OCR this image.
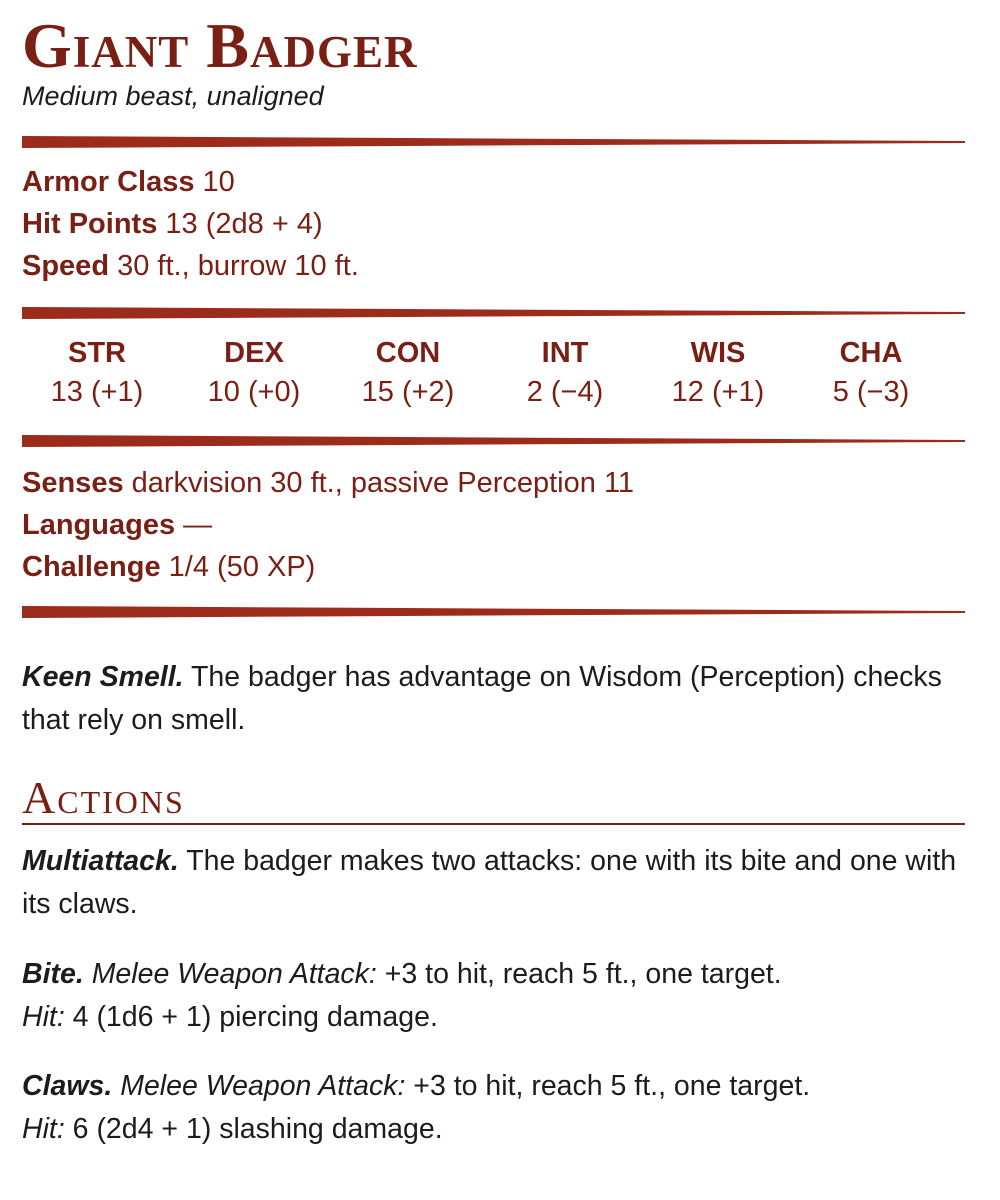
Giant Badger
Medium beast, unaligned
Armor Class 10
Hit Points 13 (2d8 + 4)
Speed 30 ft., burrow 10 ft.
STR
13 (+1)
DEX
10 (+0)
CON
15 (+2)
INT
2 (−4)
WIS
12 (+1)
CHA
5 (−3)
Senses darkvision 30 ft., passive Perception 11
Languages —
Challenge 1/4 (50 XP)
Keen Smell. The badger has advantage on Wisdom (Perception) checks that rely on smell.
Actions
Multiattack. The badger makes two attacks: one with its bite and one with its claws.
Bite. Melee Weapon Attack: +3 to hit, reach 5 ft., one target.
Hit: 4 (1d6 + 1) piercing damage.
Claws. Melee Weapon Attack: +3 to hit, reach 5 ft., one target.
Hit: 6 (2d4 + 1) slashing damage.
